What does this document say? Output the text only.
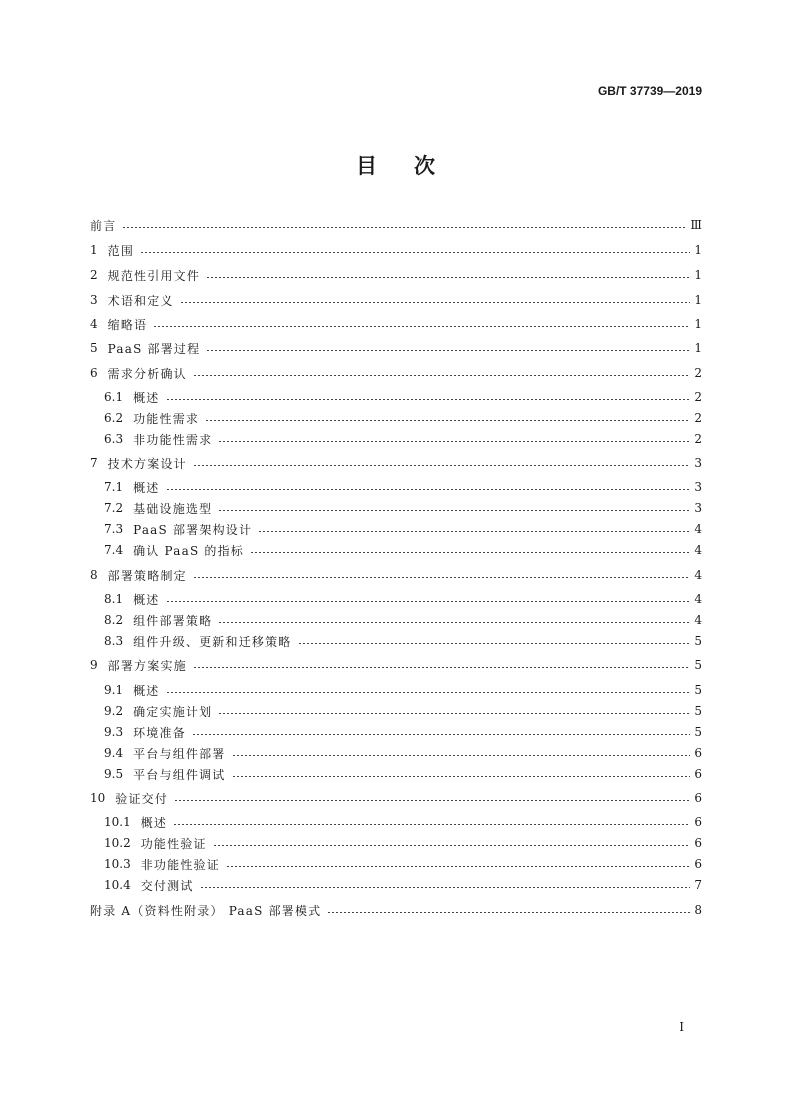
GB/T 37739—2019
目 次
前言	Ⅲ
1 范围	1
2 规范性引用文件	1
3 术语和定义	1
4 缩略语	1
5 PaaS 部署过程	1
6 需求分析确认	2
6.1 概述	2
6.2 功能性需求	2
6.3 非功能性需求	2
7 技术方案设计	3
7.1 概述	3
7.2 基础设施选型	3
7.3 PaaS 部署架构设计	4
7.4 确认 PaaS 的指标	4
8 部署策略制定	4
8.1 概述	4
8.2 组件部署策略	4
8.3 组件升级、更新和迁移策略	5
9 部署方案实施	5
9.1 概述	5
9.2 确定实施计划	5
9.3 环境准备	5
9.4 平台与组件部署	6
9.5 平台与组件调试	6
10 验证交付	6
10.1 概述	6
10.2 功能性验证	6
10.3 非功能性验证	6
10.4 交付测试	7
附录 A（资料性附录） PaaS 部署模式	8
I
